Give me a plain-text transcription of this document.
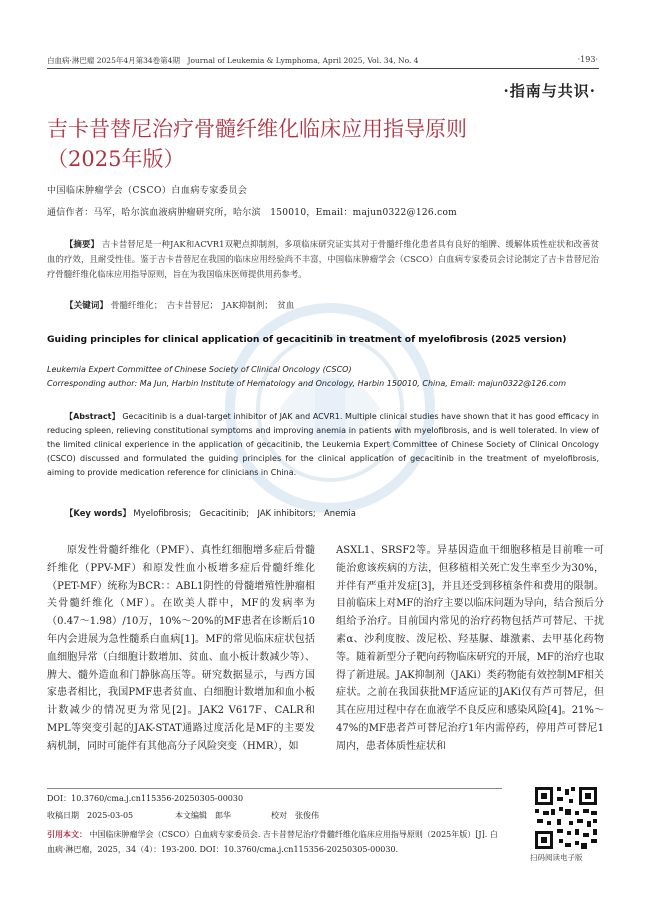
白血病·淋巴瘤 2025年4月第34卷第4期　Journal of Leukemia & Lymphoma, April 2025, Vol. 34, No. 4	·193·
·指南与共识·
吉卡昔替尼治疗骨髓纤维化临床应用指导原则（2025年版）
中国临床肿瘤学会（CSCO）白血病专家委员会
通信作者：马军，哈尔滨血液病肿瘤研究所，哈尔滨　150010，Email：majun0322@126.com
【摘要】 吉卡昔替尼是一种JAK和ACVR1双靶点抑制剂，多项临床研究证实其对于骨髓纤维化患者具有良好的缩脾、缓解体质性症状和改善贫血的疗效，且耐受性佳。鉴于吉卡昔替尼在我国的临床应用经验尚不丰富，中国临床肿瘤学会（CSCO）白血病专家委员会讨论制定了吉卡昔替尼治疗骨髓纤维化临床应用指导原则，旨在为我国临床医师提供用药参考。
【关键词】 骨髓纤维化；　吉卡昔替尼；　JAK抑制剂；　贫血
Guiding principles for clinical application of gecacitinib in treatment of myelofibrosis (2025 version)
Leukemia Expert Committee of Chinese Society of Clinical Oncology (CSCO)
Corresponding author: Ma Jun, Harbin Institute of Hematology and Oncology, Harbin 150010, China, Email: majun0322@126.com
【Abstract】 Gecacitinib is a dual-target inhibitor of JAK and ACVR1. Multiple clinical studies have shown that it has good efficacy in reducing spleen, relieving constitutional symptoms and improving anemia in patients with myelofibrosis, and is well tolerated. In view of the limited clinical experience in the application of gecacitinib, the Leukemia Expert Committee of Chinese Society of Clinical Oncology (CSCO) discussed and formulated the guiding principles for the clinical application of gecacitinib in the treatment of myelofibrosis, aiming to provide medication reference for clinicians in China.
【Key words】 Myelofibrosis;　Gecacitinib;　JAK inhibitors;　Anemia
原发性骨髓纤维化（PMF）、真性红细胞增多症后骨髓纤维化（PPV-MF）和原发性血小板增多症后骨髓纤维化（PET-MF）统称为BCR：：ABL1阴性的骨髓增殖性肿瘤相关骨髓纤维化（MF）。在欧美人群中，MF的发病率为（0.47～1.98）/10万，10%～20%的MF患者在诊断后10年内会进展为急性髓系白血病[1]。MF的常见临床症状包括血细胞异常（白细胞计数增加、贫血、血小板计数减少等）、脾大、髓外造血和门静脉高压等。研究数据显示，与西方国家患者相比，我国PMF患者贫血、白细胞计数增加和血小板计数减少的情况更为常见[2]。JAK2 V617F、CALR和MPL等突变引起的JAK-STAT通路过度活化是MF的主要发病机制，同时可能伴有其他高分子风险突变（HMR），如
ASXL1、SRSF2等。异基因造血干细胞移植是目前唯一可能治愈该疾病的方法，但移植相关死亡发生率至少为30%，并伴有严重并发症[3]，并且还受到移植条件和费用的限制。目前临床上对MF的治疗主要以临床问题为导向，结合预后分组给予治疗。目前国内常见的治疗药物包括芦可替尼、干扰素α、沙利度胺、泼尼松、羟基脲、雄激素、去甲基化药物等。随着新型分子靶向药物临床研究的开展，MF的治疗也取得了新进展。JAK抑制剂（JAKi）类药物能有效控制MF相关症状。之前在我国获批MF适应证的JAKi仅有芦可替尼，但其在应用过程中存在血液学不良反应和感染风险[4]。21%～47%的MF患者芦可替尼治疗1年内需停药，停用芦可替尼1周内，患者体质性症状和
DOI：10.3760/cma.j.cn115356-20250305-00030
收稿日期　2025-03-05	本文编辑　郎华	校对　张俊伟
引用本文： 中国临床肿瘤学会（CSCO）白血病专家委员会. 吉卡昔替尼治疗骨髓纤维化临床应用指导原则（2025年版）[J]. 白血病·淋巴瘤，2025，34（4）：193-200. DOI：10.3760/cma.j.cn115356-20250305-00030.
扫码阅读电子版
